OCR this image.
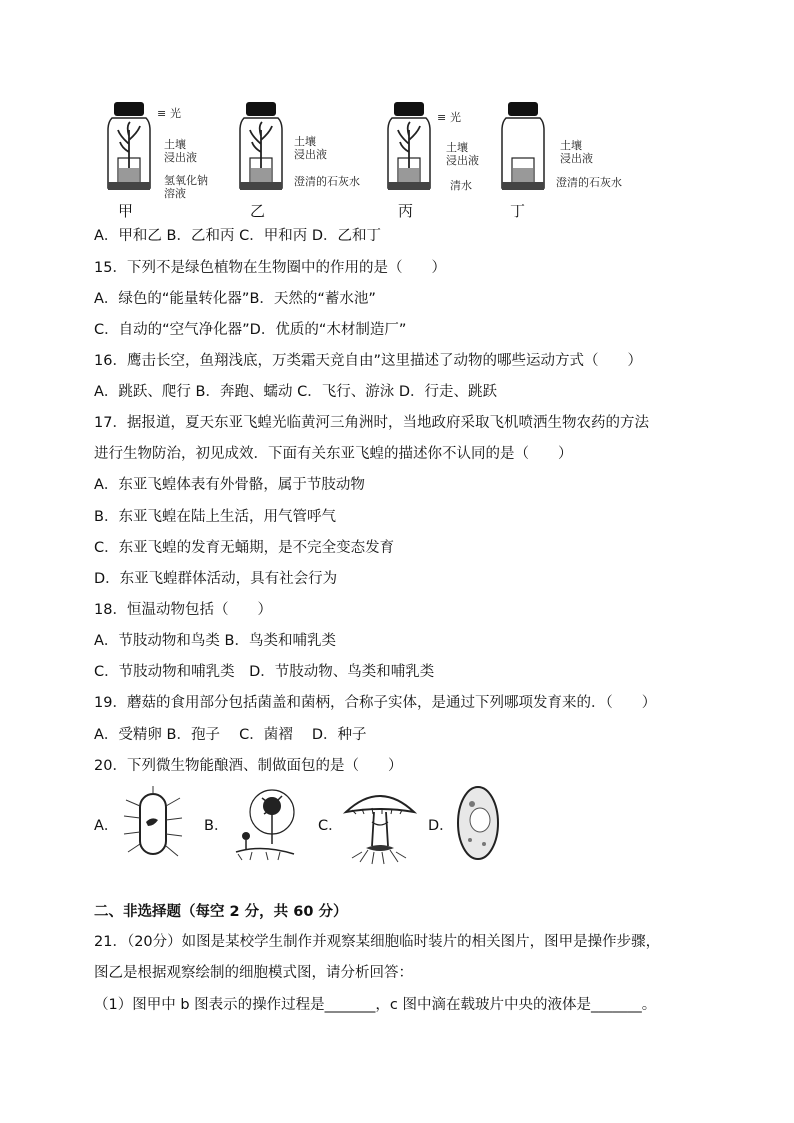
≡ 光
土壤
浸出液
氢氧化钠
溶液
甲
土壤
浸出液
澄清的石灰水
乙
≡ 光
土壤
浸出液
清水
丙
土壤
浸出液
澄清的石灰水
丁
A．甲和乙 B．乙和丙 C．甲和丙 D．乙和丁
15．下列不是绿色植物在生物圈中的作用的是（　　）
A．绿色的“能量转化器”B．天然的“蓄水池”
C．自动的“空气净化器”D．优质的“木材制造厂”
16．鹰击长空，鱼翔浅底，万类霜天竞自由”这里描述了动物的哪些运动方式（　　）
A．跳跃、爬行 B．奔跑、蠕动 C．飞行、游泳 D．行走、跳跃
17．据报道，夏天东亚飞蝗光临黄河三角洲时，当地政府采取飞机喷洒生物农药的方法
进行生物防治，初见成效．下面有关东亚飞蝗的描述你不认同的是（　　）
A．东亚飞蝗体表有外骨骼，属于节肢动物
B．东亚飞蝗在陆上生活，用气管呼气
C．东亚飞蝗的发育无蛹期，是不完全变态发育
D．东亚飞蝗群体活动，具有社会行为
18．恒温动物包括（　　）
A．节肢动物和鸟类 B．鸟类和哺乳类
C．节肢动物和哺乳类　D．节肢动物、鸟类和哺乳类
19．蘑菇的食用部分包括菌盖和菌柄，合称子实体，是通过下列哪项发育来的．（　　）
A．受精卵 B．孢子　 C．菌褶　 D．种子
20．下列微生物能酿酒、制做面包的是（　　）
A．	B．	C．	D．
二、非选择题（每空 2 分，共 60 分）
21．（20分）如图是某校学生制作并观察某细胞临时装片的相关图片，图甲是操作步骤，
图乙是根据观察绘制的细胞模式图，请分析回答：
（1）图甲中 b 图表示的操作过程是_______，c 图中滴在载玻片中央的液体是_______。
